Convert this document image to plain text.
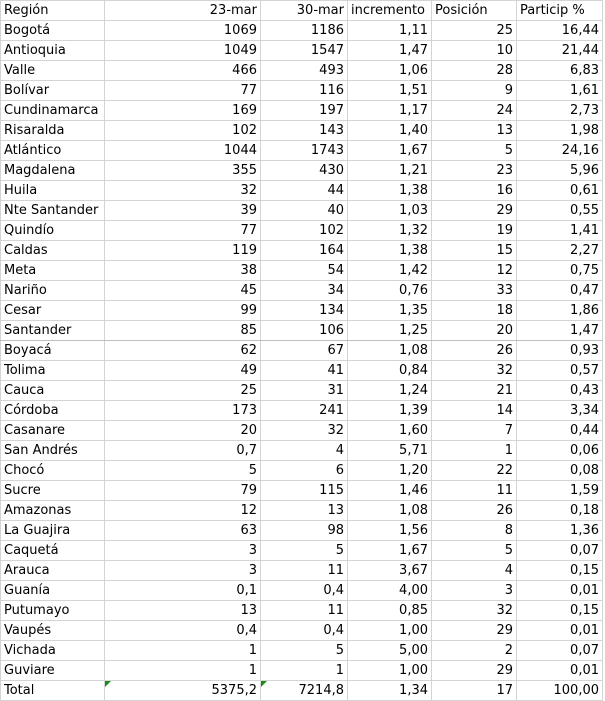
Región	23-mar	30-mar	incremento	Posición	Particip %
Bogotá	1069	1186	1,11	25	16,44
Antioquia	1049	1547	1,47	10	21,44
Valle	466	493	1,06	28	6,83
Bolívar	77	116	1,51	9	1,61
Cundinamarca	169	197	1,17	24	2,73
Risaralda	102	143	1,40	13	1,98
Atlántico	1044	1743	1,67	5	24,16
Magdalena	355	430	1,21	23	5,96
Huila	32	44	1,38	16	0,61
Nte Santander	39	40	1,03	29	0,55
Quindío	77	102	1,32	19	1,41
Caldas	119	164	1,38	15	2,27
Meta	38	54	1,42	12	0,75
Nariño	45	34	0,76	33	0,47
Cesar	99	134	1,35	18	1,86
Santander	85	106	1,25	20	1,47
Boyacá	62	67	1,08	26	0,93
Tolima	49	41	0,84	32	0,57
Cauca	25	31	1,24	21	0,43
Córdoba	173	241	1,39	14	3,34
Casanare	20	32	1,60	7	0,44
San Andrés	0,7	4	5,71	1	0,06
Chocó	5	6	1,20	22	0,08
Sucre	79	115	1,46	11	1,59
Amazonas	12	13	1,08	26	0,18
La Guajira	63	98	1,56	8	1,36
Caquetá	3	5	1,67	5	0,07
Arauca	3	11	3,67	4	0,15
Guanía	0,1	0,4	4,00	3	0,01
Putumayo	13	11	0,85	32	0,15
Vaupés	0,4	0,4	1,00	29	0,01
Vichada	1	5	5,00	2	0,07
Guviare	1	1	1,00	29	0,01
Total	5375,2	7214,8	1,34	17	100,00
